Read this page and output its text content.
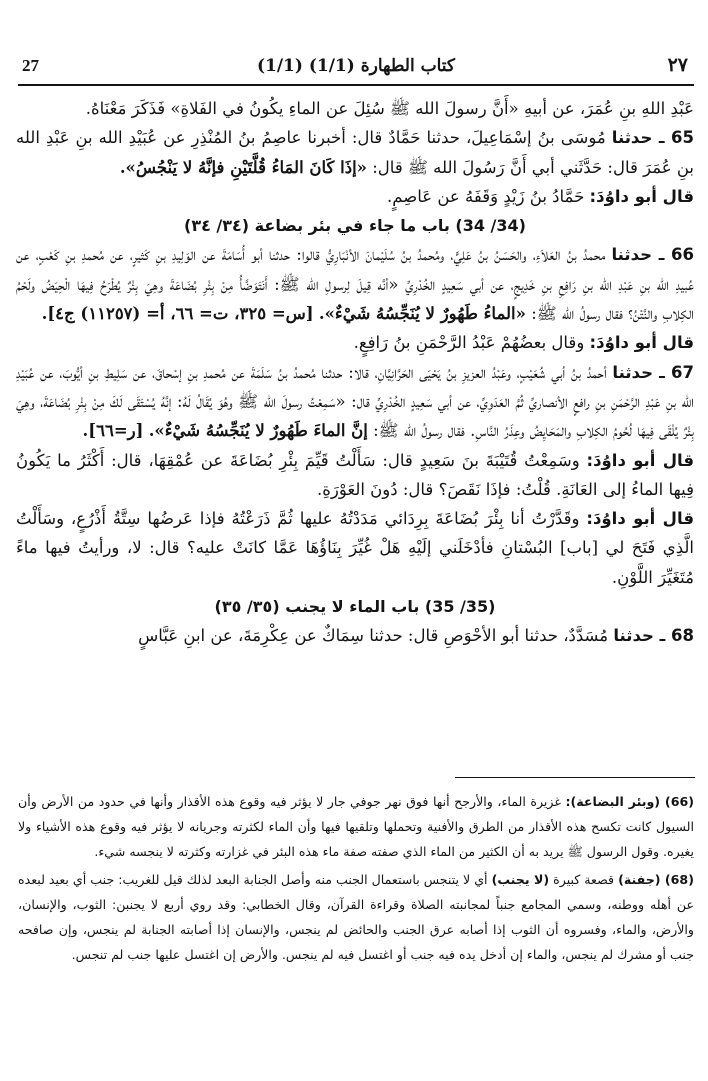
27	(1/1) كتاب الطهارة (1/1)	٢٧

عَبْدِ اللهِ بنِ عُمَرَ، عن أبيهِ «أَنَّ رسولَ الله ﷺ سُئِلَ عن الماءِ يكُونُ في الفَلاةِ» فَذَكَرَ مَعْنَاهُ.

65 ـ حدثنا مُوسَى بنُ إسْمَاعِيلَ، حدثنا حَمَّادٌ قال: أخبرنا عاصِمُ بنُ المُنْذِرِ عن عُبَيْدِ الله بنِ عَبْدِ الله بنِ عُمَرَ قال: حَدَّثَني أبي أَنَّ رَسُولَ الله ﷺ قال: «إذَا كَانَ المَاءُ قُلَّتَيْنِ فإنَّهُ لا يَنْجُسُ».

قال أبو داوُدَ: حَمَّادُ بنُ زَيْدٍ وَقَفَهُ عن عَاصِمٍ.

(34/ 34) باب ما جاء في بئر بضاعة (٣٤/ ٣٤)

66 ـ حدثنا محمدُ بنُ العَلاَءِ، والحَسَنُ بنُ عَلِيٍّ، ومُحمدُ بنُ سُلَيْمانَ الأنْبَارِيُّ قالوا: حدثنا أبو أُسَامَةَ عن الوَلِيدِ بنِ كَثيرٍ، عن مُحمدِ بنِ كَعْبٍ، عن عُبيدِ الله بنِ عَبْدِ الله بنِ رَافِعِ بنِ خَدِيجٍ، عن أبي سَعِيدٍ الخُدْرِيِّ «أنَّه قِيلَ لِرسولِ الله ﷺ: أَنَتَوَضَّأُ مِنْ بِئْرِ بُضَاعَةَ وهِيَ بِئْرٌ يُطْرَحُ فِيهَا الْحِيَضُ ولَحْمُ الكِلابِ والنَّتْنُ؟ فقال رسولُ الله ﷺ: «الماءُ طَهُورٌ لا يُنَجِّسُهُ شَيْءٌ». [س= ٣٢٥، ت= ٦٦، أ= (١١٢٥٧) ج٤].

قال أبو داوُدَ: وقال بعضُهُمْ عَبْدُ الرَّحْمَنِ بنُ رَافِعٍ.

67 ـ حدثنا أحمدُ بنُ أبي شُعَيْبٍ، وعَبْدُ العزيزِ بنُ يَحْيَى الحَرَّانِيَّانِ، قالا: حدثنا مُحمدُ بنُ سَلَمَةَ عن مُحمدِ بنِ إسْحاقَ، عن سَلِيطِ بنِ أيُّوبَ، عن عُبَيْدِ الله بنِ عَبْدِ الرَّحْمَنِ بنِ رافعٍ الأنصاريِّ ثُمَّ العَدَوِيِّ، عن أبي سَعِيدٍ الخُدْرِيِّ قال: «سَمِعْتُ رسولَ الله ﷺ وهُوَ يُقَالُ لَهُ: إنَّهُ يُسْتَقَى لَكَ مِنْ بِئْرِ بُضَاعَةَ، وهِيَ بِئْرٌ يُلْقَى فِيهَا لُحُومُ الكِلابِ والمَحَايِضُ وعِذَرُ النَّاسِ. فقال رسولُ الله ﷺ: إنَّ الماءَ طَهُورٌ لا يُنَجِّسُهُ شَيْءٌ». [ر=٦٦].

قال أبو داوُدَ: وسَمِعْتُ قُتَيْبَةَ بنَ سَعِيدٍ قال: سَأَلْتُ قَيِّمَ بِئْرِ بُضَاعَةَ عن عُمْقِهَا، قال: أَكْثَرُ ما يَكُونُ فِيها الماءُ إلى العَانَةِ. قُلْتُ: فإذَا نَقَصَ؟ قال: دُونَ العَوْرَةِ.

قال أبو داوُدَ: وقَدَّرْتُ أنا بِئْرَ بُضَاعَةَ بِرِدَائي مَدَدْتُهُ عليها ثُمَّ ذَرَعْتُهُ فإذا عَرضُها سِتَّةُ أَذْرُعٍ، وسَأَلْتُ الَّذِي فَتَحَ لي [باب] البُسْتانِ فأدْخَلَني إلَيْهِ هَلْ غُيِّرَ بِنَاؤُهَا عَمَّا كانَتْ عليه؟ قال: لا، ورأيتُ فيها ماءً مُتَغَيِّرَ اللَّوْنِ.

(35/ 35) باب الماء لا يجنب (٣٥/ ٣٥)

68 ـ حدثنا مُسَدَّدٌ، حدثنا أبو الأحْوَصِ قال: حدثنا سِمَاكٌ عن عِكْرِمَةَ، عن ابنِ عَبَّاسٍ

(66) (وبئر البضاعة): غزيرة الماء، والأرجح أنها فوق نهر جوفي جار لا يؤثر فيه وقوع هذه الأقذار وأنها في حدود من الأرض وأن السيول كانت تكسح هذه الأقذار من الطرق والأفنية وتحملها وتلقيها فيها وأن الماء لكثرته وجريانه لا يؤثر فيه وقوع هذه الأشياء ولا يغيره. وقول الرسول ﷺ يريد به أن الكثير من الماء الذي صفته صفة ماء هذه البئر في غزارته وكثرته لا ينجسه شيء.

(68) (جفنة) قصعة كبيرة (لا يجنب) أي لا يتنجس باستعمال الجنب منه وأصل الجنابة البعد لذلك قيل للغريب: جنب أي بعيد لبعده عن أهله ووطنه، وسمي المجامع جنباً لمجانبته الصلاة وقراءة القرآن، وقال الخطابي: وقد روي أربع لا يجنبن: الثوب، والإنسان، والأرض، والماء، وفسروه أن الثوب إذا أصابه عرق الجنب والحائض لم ينجس، والإنسان إذا أصابته الجنابة لم ينجس، وإن صافحه جنب أو مشرك لم ينجس، والماء إن أدخل يده فيه جنب أو اغتسل فيه لم ينجس. والأرض إن اغتسل عليها جنب لم تنجس.
